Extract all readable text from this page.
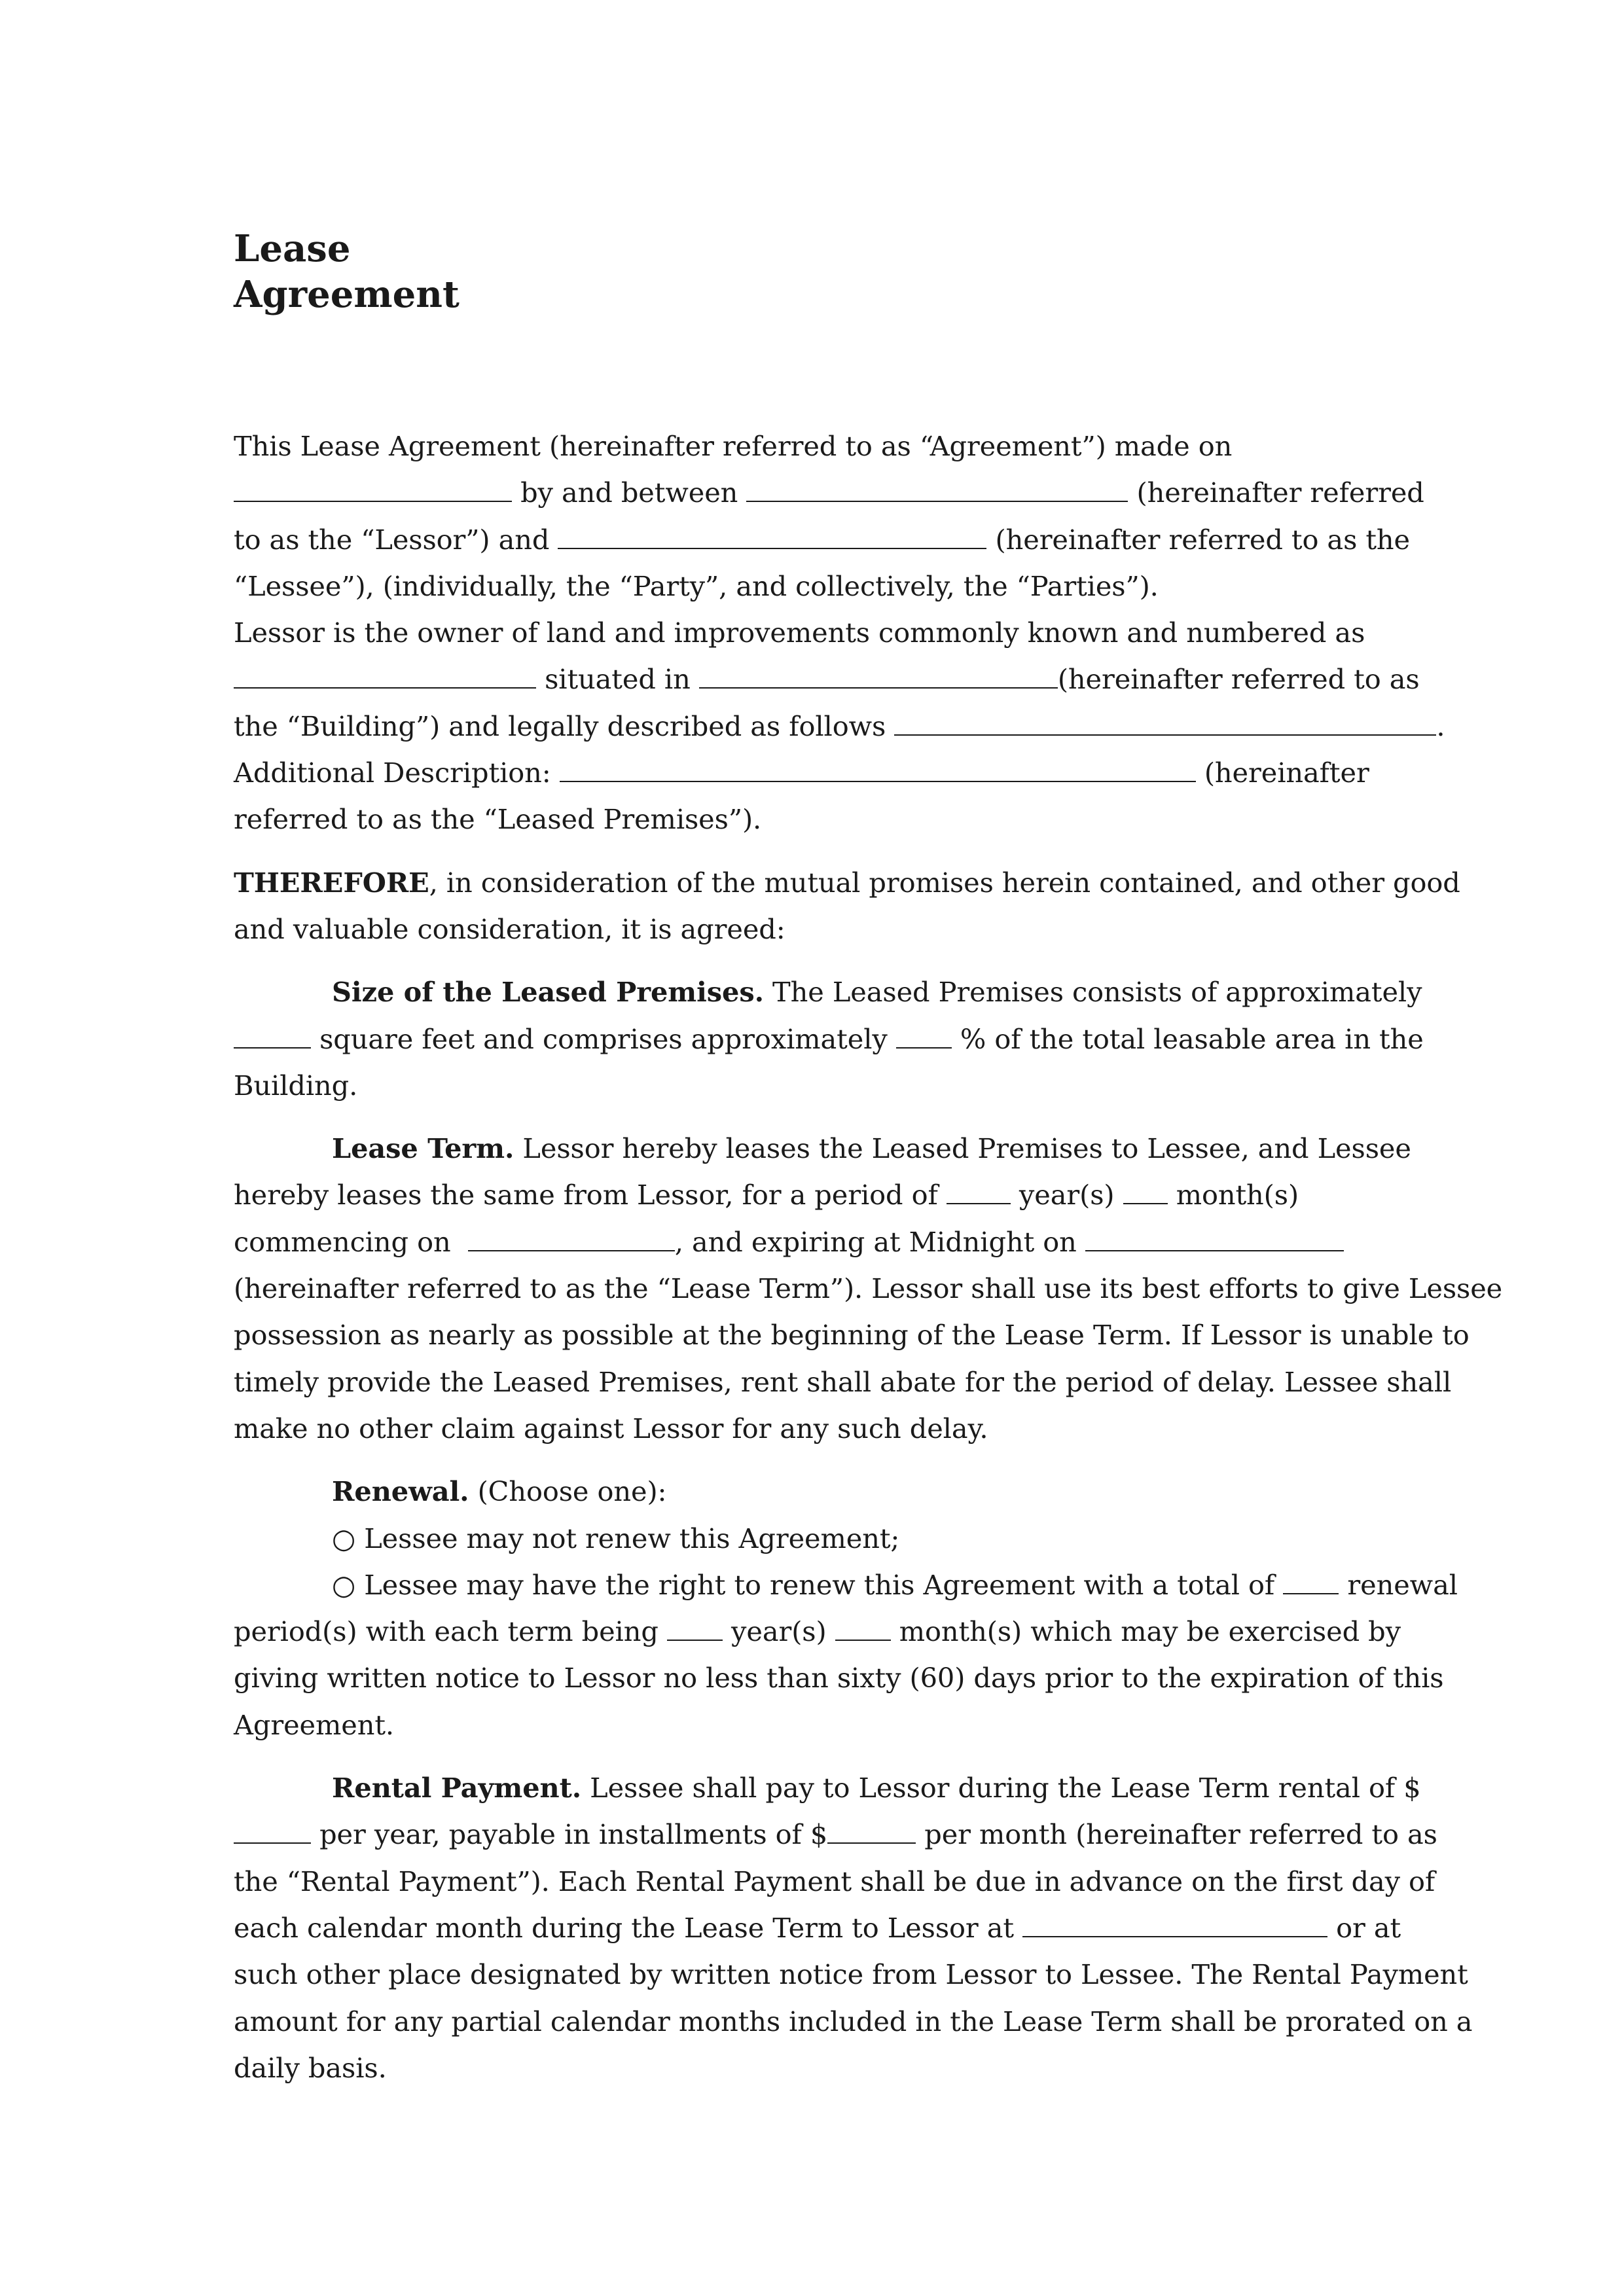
Lease
Agreement
This Lease Agreement (hereinafter referred to as “Agreement”) made on
by and between	(hereinafter referred
to as the “Lessor”) and	(hereinafter referred to as the
“Lessee”), (individually, the “Party”, and collectively, the “Parties”).
Lessor is the owner of land and improvements commonly known and numbered as
situated in	(hereinafter referred to as
the “Building”) and legally described as follows	.
Additional Description:	(hereinafter
referred to as the “Leased Premises”).
THEREFORE, in consideration of the mutual promises herein contained, and other good
and valuable consideration, it is agreed:
Size of the Leased Premises. The Leased Premises consists of approximately
square feet and comprises approximately	% of the total leasable area in the
Building.
Lease Term. Lessor hereby leases the Leased Premises to Lessee, and Lessee
hereby leases the same from Lessor, for a period of	year(s) month(s)
commencing on	, and expiring at Midnight on
(hereinafter referred to as the “Lease Term”). Lessor shall use its best efforts to give Lessee
possession as nearly as possible at the beginning of the Lease Term. If Lessor is unable to
timely provide the Leased Premises, rent shall abate for the period of delay. Lessee shall
make no other claim against Lessor for any such delay.
Renewal. (Choose one):
○ Lessee may not renew this Agreement;
○ Lessee may have the right to renew this Agreement with a total of	renewal
period(s) with each term being	year(s)	month(s) which may be exercised by
giving written notice to Lessor no less than sixty (60) days prior to the expiration of this
Agreement.
Rental Payment. Lessee shall pay to Lessor during the Lease Term rental of $
per year, payable in installments of $	per month (hereinafter referred to as
the “Rental Payment”). Each Rental Payment shall be due in advance on the first day of
each calendar month during the Lease Term to Lessor at	or at
such other place designated by written notice from Lessor to Lessee. The Rental Payment
amount for any partial calendar months included in the Lease Term shall be prorated on a
daily basis.
